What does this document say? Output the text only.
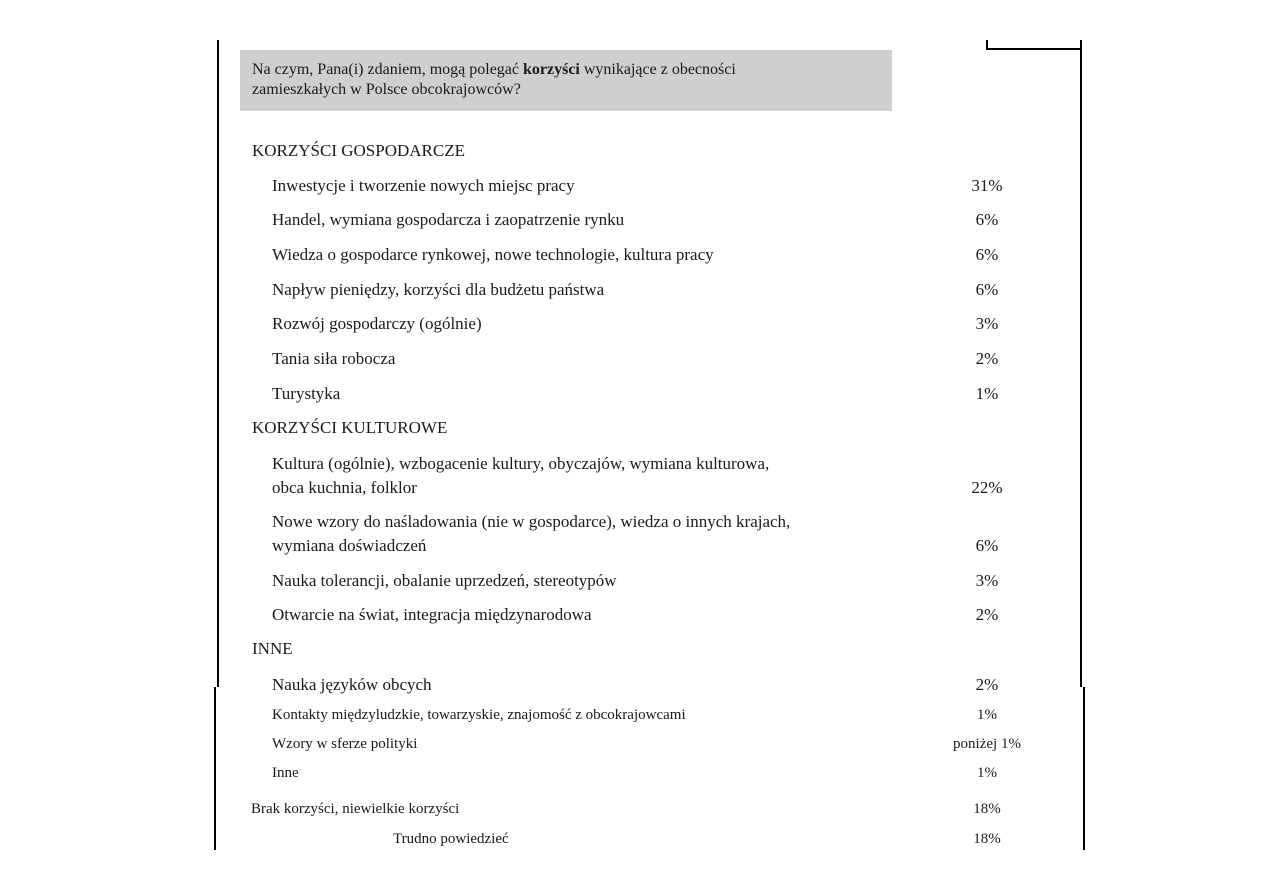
Na czym, Pana(i) zdaniem, mogą polegać korzyści wynikające z obecności
zamieszkałych w Polsce obcokrajowców?
KORZYŚCI GOSPODARCZE
Inwestycje i tworzenie nowych miejsc pracy	31%
Handel, wymiana gospodarcza i zaopatrzenie rynku	6%
Wiedza o gospodarce rynkowej, nowe technologie, kultura pracy	6%
Napływ pieniędzy, korzyści dla budżetu państwa	6%
Rozwój gospodarczy (ogólnie)	3%
Tania siła robocza	2%
Turystyka	1%
KORZYŚCI KULTUROWE
Kultura (ogólnie), wzbogacenie kultury, obyczajów, wymiana kulturowa,
obca kuchnia, folklor	22%
Nowe wzory do naśladowania (nie w gospodarce), wiedza o innych krajach,
wymiana doświadczeń	6%
Nauka tolerancji, obalanie uprzedzeń, stereotypów	3%
Otwarcie na świat, integracja międzynarodowa	2%
INNE
Nauka języków obcych	2%
Kontakty międzyludzkie, towarzyskie, znajomość z obcokrajowcami	1%
Wzory w sferze polityki	poniżej 1%
Inne	1%
Brak korzyści, niewielkie korzyści	18%
Trudno powiedzieć	18%
